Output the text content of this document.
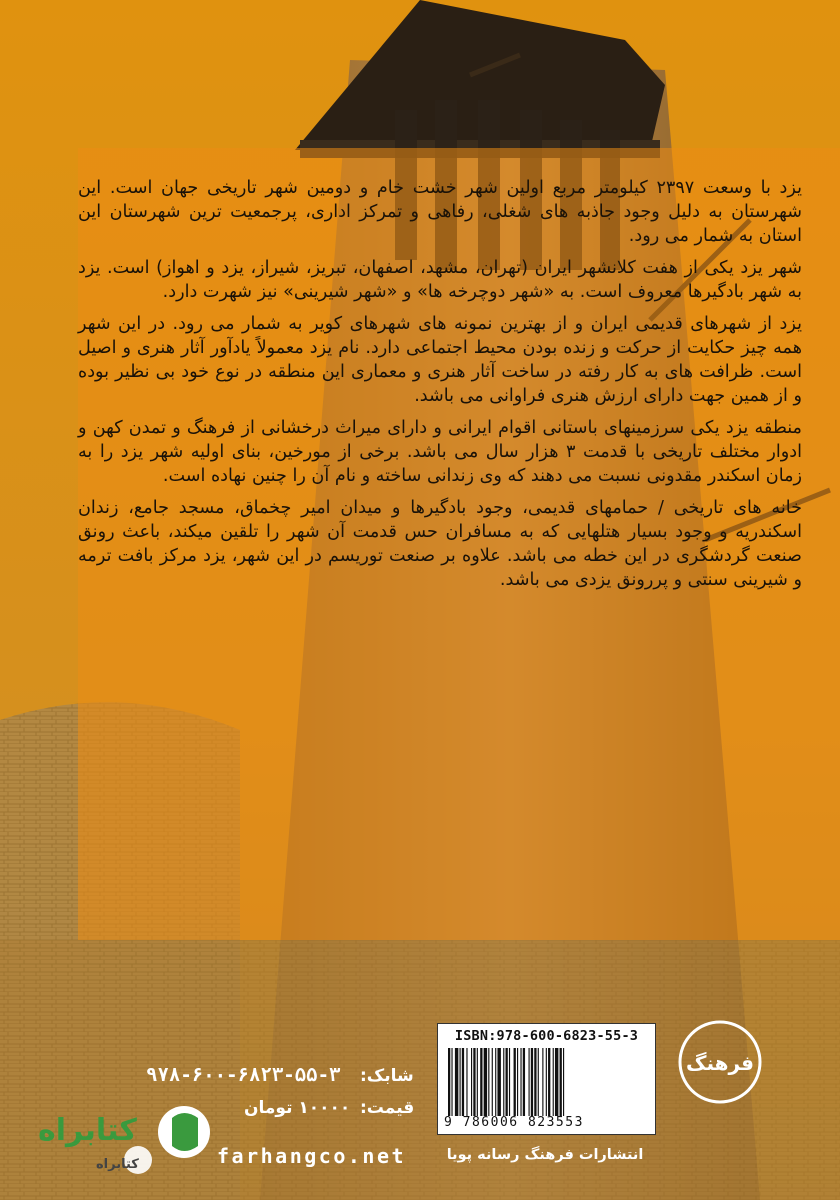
یزد با وسعت ۲۳۹۷ کیلومتر مربع اولین شهر خشت خام و دومین شهر تاریخی جهان است. این شهرستان به دلیل وجود جاذبه های شغلی، رفاهی و تمرکز اداری، پرجمعیت ترین شهرستان این استان به شمار می رود.

شهر یزد یکی از هفت کلانشهر ایران (تهران، مشهد، اصفهان، تبریز، شیراز، یزد و اهواز) است. یزد به شهر بادگیرها معروف است. به «شهر دوچرخه ها» و «شهر شیرینی» نیز شهرت دارد.

یزد از شهرهای قدیمی ایران و از بهترین نمونه های شهرهای کویر به شمار می رود. در این شهر همه چیز حکایت از حرکت و زنده بودن محیط اجتماعی دارد. نام یزد معمولاً یادآور آثار هنری و اصیل است. ظرافت های به کار رفته در ساخت آثار هنری و معماری این منطقه در نوع خود بی نظیر بوده و از همین جهت دارای ارزش هنری فراوانی می باشد.

منطقه یزد یکی سرزمینهای باستانی اقوام ایرانی و دارای میراث درخشانی از فرهنگ و تمدن کهن و ادوار مختلف تاریخی با قدمت ۳ هزار سال می باشد. برخی از مورخین، بنای اولیه شهر یزد را به زمان اسکندر مقدونی نسبت می دهند که وی زندانی ساخته و نام آن را چنین نهاده است.

خانه های تاریخی / حمامهای قدیمی، وجود بادگیرها و میدان امیر چخماق، مسجد جامع، زندان اسکندریه و وجود بسیار هتلهایی که به مسافران حس قدمت آن شهر را تلقین میکند، باعث رونق صنعت گردشگری در این خطه می باشد. علاوه بر صنعت توریسم در این شهر، یزد مرکز بافت ترمه و شیرینی سنتی و پررونق یزدی می باشد.

ISBN:978-600-6823-55-3
9 786006 823553
فرهنگ
شابک:
۹۷۸-۶۰۰-۶۸۲۳-۵۵-۳
قیمت:
۱۰۰۰۰ تومان
farhangco.net	انتشارات فرهنگ رسانه پویا
کتابراه
کتابراه
